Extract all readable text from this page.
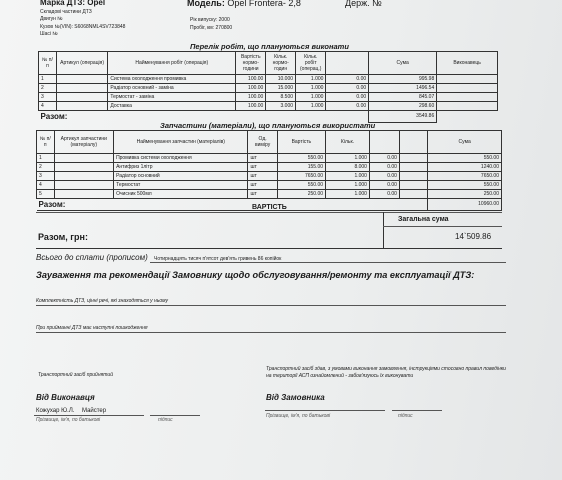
Марка ДТЗ: Opel	Модель: Opel Frontera- 2,8	Держ. №
Складові частини ДТЗ
Двигун №
Кузов №(VIN): S6068NML4SV723848
Шасі №
Рік випуску: 2000
Пробіг, км: 270800
Перелік робіт, що плануються виконати
№ п/п	Артикул (операція)	Найменування робіт (операція)	Вартість нормо-години	Кільк. нормо-годин	Кільк. робіт (операц.)		Сума	Виконавець
1		Система охолодження промивка	100.00	10.000	1.000	0.00	995.98	
2		Радіатор основний - заміна	100.00	15.000	1.000	0.00	1496.54	
3		Термостат - заміна	100.00	8.500	1.000	0.00	845.07	
4		Доставка	100.00	3.000	1.000	0.00	298.60	
Разом:							3549.86	
Запчастини (матеріали), що плануються використати
№ п/п	Артикул запчастини (матеріалу)	Найменування запчастин (матеріалів)	Од. виміру	Вартість	Кільк.			Сума
1		Промивка системи охолодження	шт	550.00	1.000	0.00		550.00
2		Антифриз 1літр	шт	155.00	8.000	0.00		1240.00
3		Радіатор основний	шт	7650.00	1.000	0.00		7650.00
4		Термостат	шт	550.00	1.000	0.00		550.00
5		Очисник 500мл	шт	250.00	1.000	0.00		250.00
Разом:								10960.00
ВАРТІСТЬ
Загальна сума
Разом, грн:	14`509.86
Всього до сплати (прописом) Чотирнадцять тисяч п'ятсот дев'ять гривень 86 копійок
Зауваження та рекомендації Замовнику щодо обслуговування/ремонту та експлуатації ДТЗ:
Комплектність ДТЗ, цінні речі, які знаходяться у ньому
При прийманні ДТЗ має наступні пошкодження
Транспортний засіб прийнятий
Транспортний засіб здав, з умовами виконання замовлення, інструкціями стосовно правил поведінки на території АСП ознайомлений - забов'язуюсь їх виконувати
Від Виконавця	Від Замовника
Кожухар Ю.Л. Майстер
Прізвище, ім'я, по батькові	підпис
Прізвище, ім'я, по батькові	підпис
